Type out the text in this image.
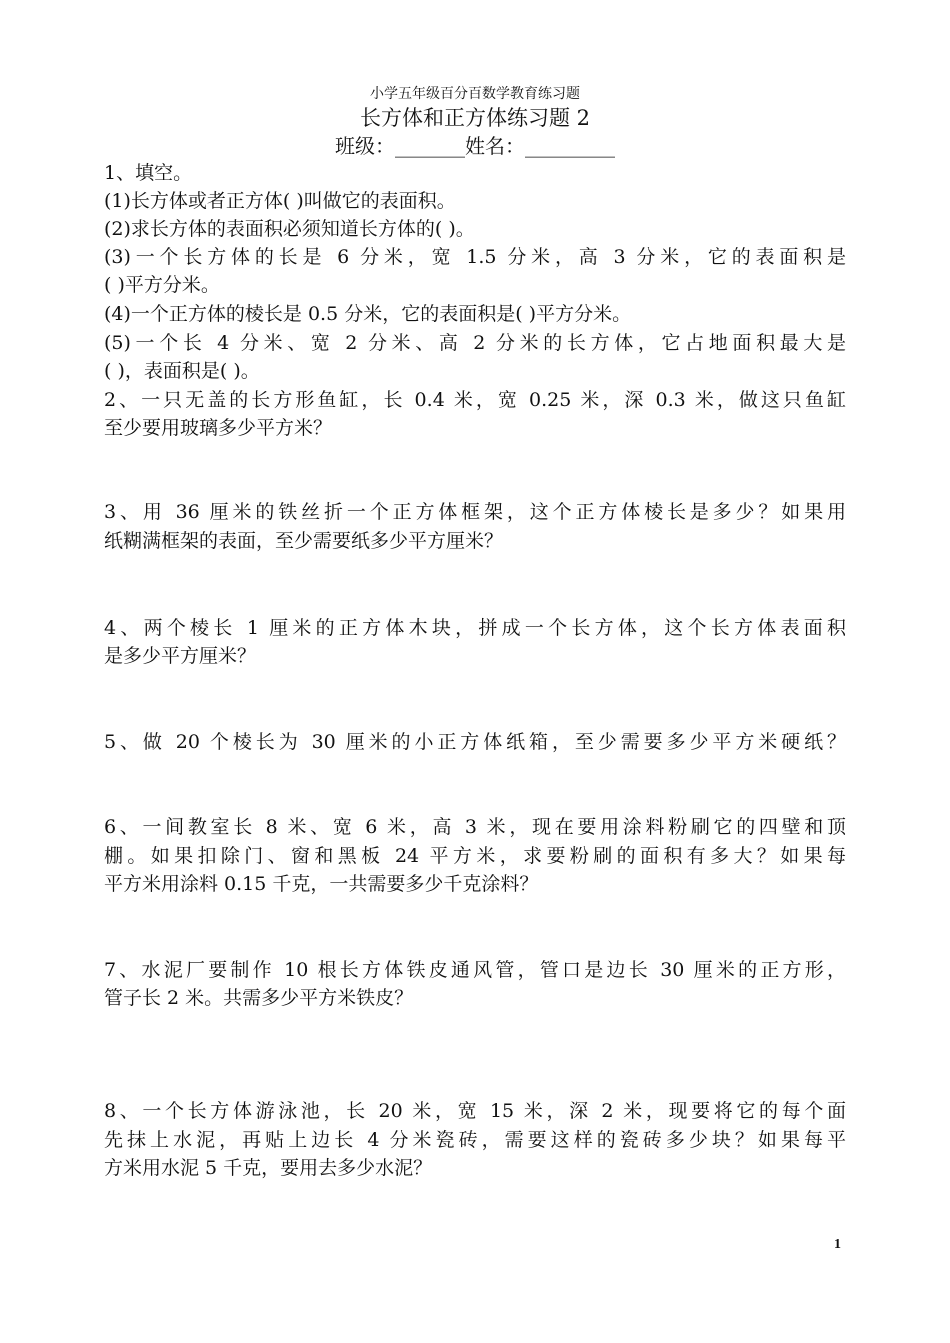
小学五年级百分百数学教育练习题
长方体和正方体练习题 2
班级：_______姓名：_________
1、填空。
(1)长方体或者正方体( )叫做它的表面积。
(2)求长方体的表面积必须知道长方体的( )。
(3)一个长方体的长是 6 分米，宽 1.5 分米，高 3 分米，它的表面积是
( )平方分米。
(4)一个正方体的棱长是 0.5 分米，它的表面积是( )平方分米。
(5)一个长 4 分米、宽 2 分米、高 2 分米的长方体，它占地面积最大是
( )，表面积是( )。
2、一只无盖的长方形鱼缸，长 0.4 米，宽 0.25 米，深 0.3 米，做这只鱼缸
至少要用玻璃多少平方米？
3、用 36 厘米的铁丝折一个正方体框架，这个正方体棱长是多少？如果用
纸糊满框架的表面，至少需要纸多少平方厘米？
4、两个棱长 1 厘米的正方体木块，拼成一个长方体，这个长方体表面积
是多少平方厘米？
5、做 20 个棱长为 30 厘米的小正方体纸箱，至少需要多少平方米硬纸？
6、一间教室长 8 米、宽 6 米，高 3 米，现在要用涂料粉刷它的四壁和顶
棚。如果扣除门、窗和黑板 24 平方米，求要粉刷的面积有多大？如果每
平方米用涂料 0.15 千克，一共需要多少千克涂料？
7、水泥厂要制作 10 根长方体铁皮通风管，管口是边长 30 厘米的正方形，
管子长 2 米。共需多少平方米铁皮？
8、一个长方体游泳池，长 20 米，宽 15 米，深 2 米，现要将它的每个面
先抹上水泥，再贴上边长 4 分米瓷砖，需要这样的瓷砖多少块？如果每平
方米用水泥 5 千克，要用去多少水泥？
1
